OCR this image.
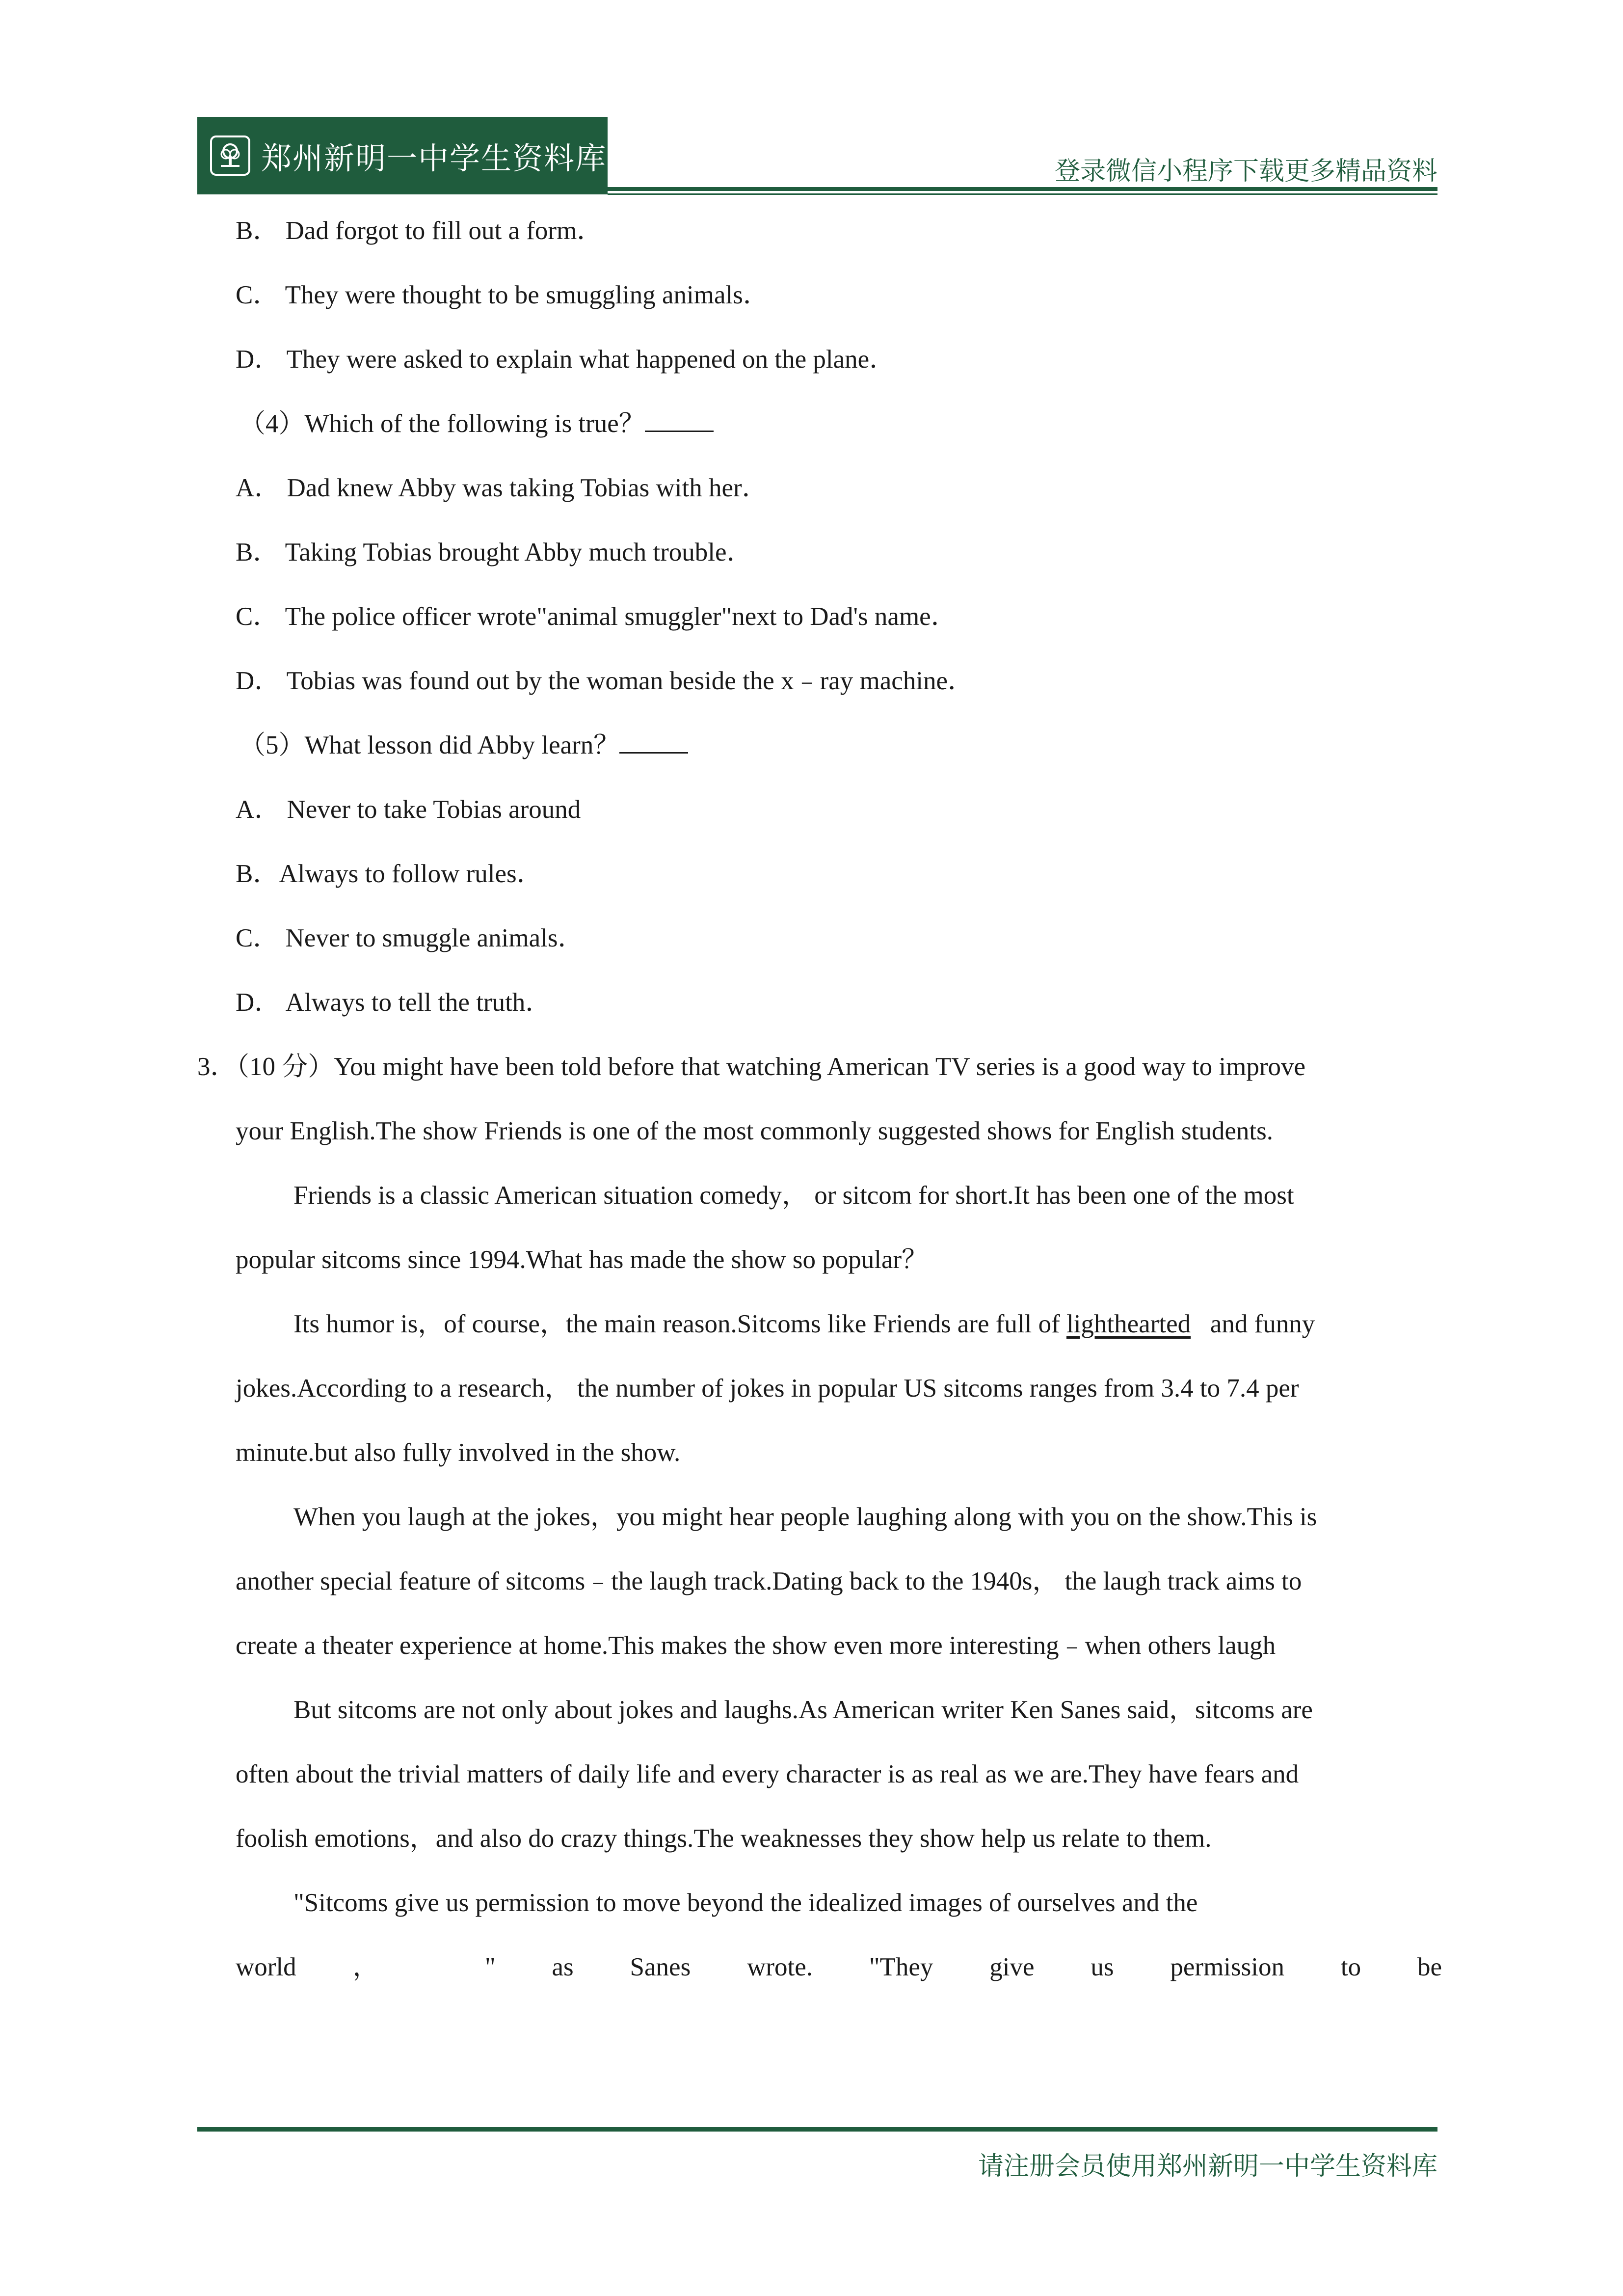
郑州新明一中学生资料库	登录微信小程序下载更多精品资料
B． Dad forgot to fill out a form．
C． They were thought to be smuggling animals．
D． They were asked to explain what happened on the plane．
（4）Which of the following is true？
A． Dad knew Abby was taking Tobias with her．
B． Taking Tobias brought Abby much trouble．
C． The police officer wrote"animal smuggler"next to Dad's name．
D． Tobias was found out by the woman beside the x﹣ray machine．
（5）What lesson did Abby learn？
A． Never to take Tobias around
B．Always to follow rules．
C． Never to smuggle animals．
D． Always to tell the truth．
3．（10 分）You might have been told before that watching American TV series is a good way to improve
your English.The show Friends is one of the most commonly suggested shows for English students.
Friends is a classic American situation comedy， or sitcom for short.It has been one of the most
popular sitcoms since 1994.What has made the show so popular？
Its humor is，of course，the main reason.Sitcoms like Friends are full of lighthearted and funny
jokes.According to a research， the number of jokes in popular US sitcoms ranges from 3.4 to 7.4 per
minute.but also fully involved in the show.
When you laugh at the jokes，you might hear people laughing along with you on the show.This is
another special feature of sitcoms﹣the laugh track.Dating back to the 1940s， the laugh track aims to
create a theater experience at home.This makes the show even more interesting﹣when others laugh
But sitcoms are not only about jokes and laughs.As American writer Ken Sanes said，sitcoms are
often about the trivial matters of daily life and every character is as real as we are.They have fears and
foolish emotions，and also do crazy things.The weaknesses they show help us relate to them.
"Sitcoms give us permission to move beyond the idealized images of ourselves and the
world ， " as Sanes wrote. "They give us permission to be
请注册会员使用郑州新明一中学生资料库
